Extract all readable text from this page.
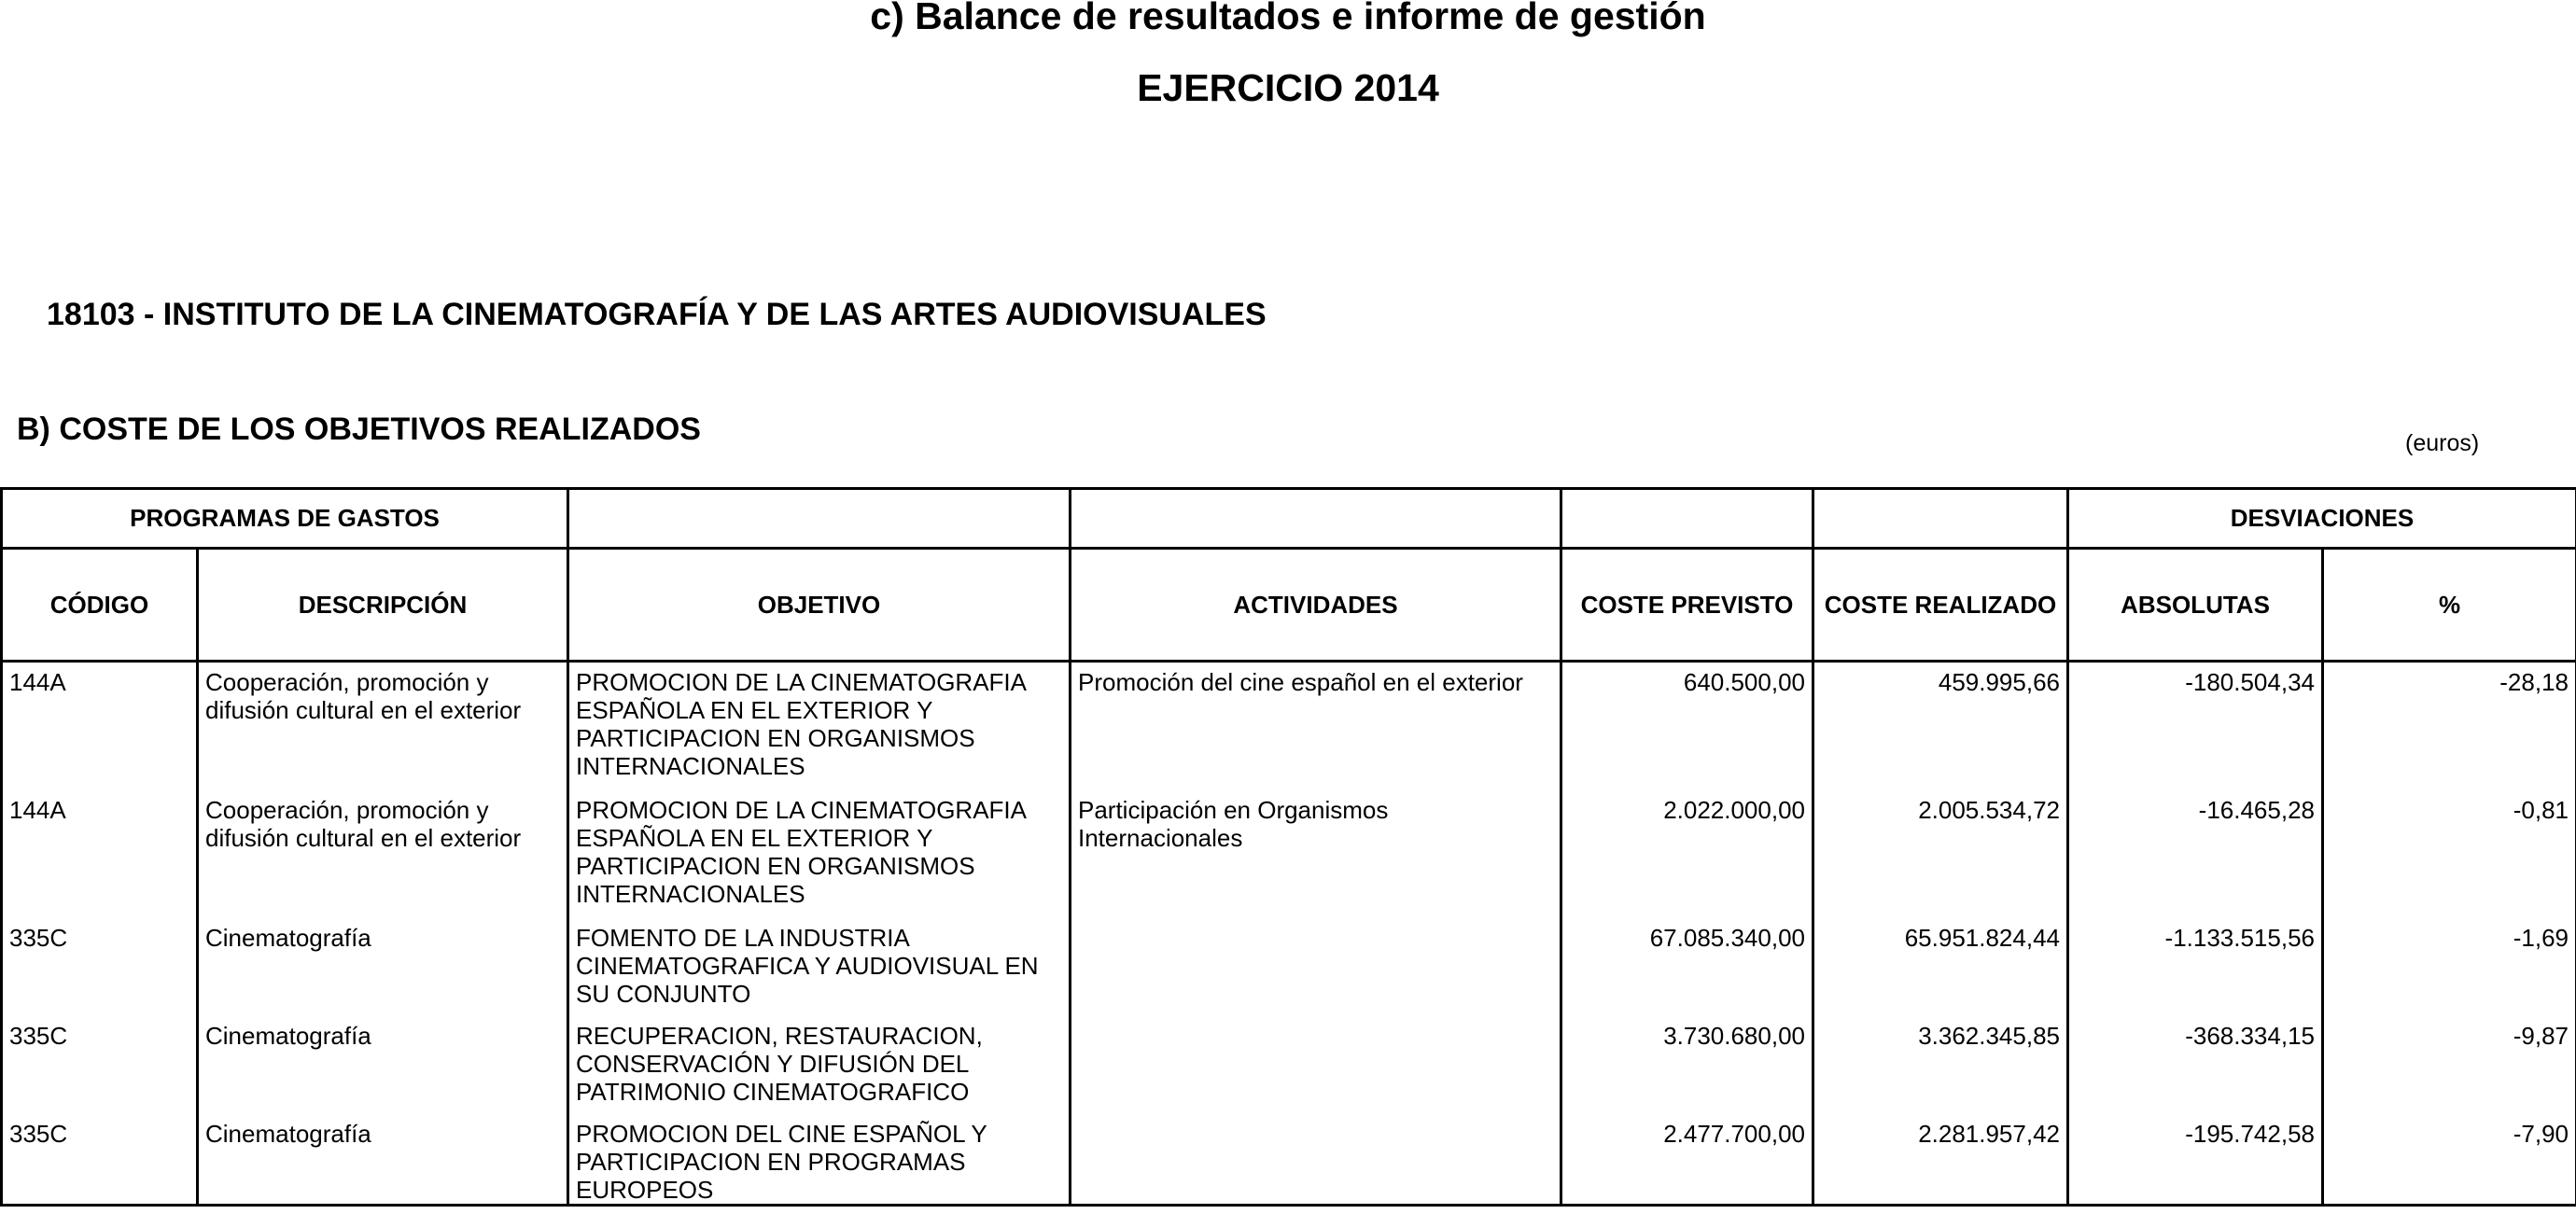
c) Balance de resultados e informe de gestión
EJERCICIO 2014
18103 - INSTITUTO DE LA CINEMATOGRAFÍA Y DE LAS ARTES AUDIOVISUALES
B) COSTE DE LOS OBJETIVOS REALIZADOS	(euros)
PROGRAMAS DE GASTOS						DESVIACIONES	
CÓDIGO	DESCRIPCIÓN	OBJETIVO	ACTIVIDADES	COSTE PREVISTO	COSTE REALIZADO	ABSOLUTAS	%
144A	Cooperación, promoción y difusión cultural en el exterior	PROMOCION DE LA CINEMATOGRAFIA ESPAÑOLA EN EL EXTERIOR Y PARTICIPACION EN ORGANISMOS INTERNACIONALES	Promoción del cine español en el exterior	640.500,00	459.995,66	-180.504,34	-28,18
144A	Cooperación, promoción y difusión cultural en el exterior	PROMOCION DE LA CINEMATOGRAFIA ESPAÑOLA EN EL EXTERIOR Y PARTICIPACION EN ORGANISMOS INTERNACIONALES	Participación en Organismos Internacionales	2.022.000,00	2.005.534,72	-16.465,28	-0,81
335C	Cinematografía	FOMENTO DE LA INDUSTRIA CINEMATOGRAFICA Y AUDIOVISUAL EN SU CONJUNTO		67.085.340,00	65.951.824,44	-1.133.515,56	-1,69
335C	Cinematografía	RECUPERACION, RESTAURACION, CONSERVACIÓN Y DIFUSIÓN DEL PATRIMONIO CINEMATOGRAFICO		3.730.680,00	3.362.345,85	-368.334,15	-9,87
335C	Cinematografía	PROMOCION DEL CINE ESPAÑOL Y PARTICIPACION EN PROGRAMAS EUROPEOS		2.477.700,00	2.281.957,42	-195.742,58	-7,90
